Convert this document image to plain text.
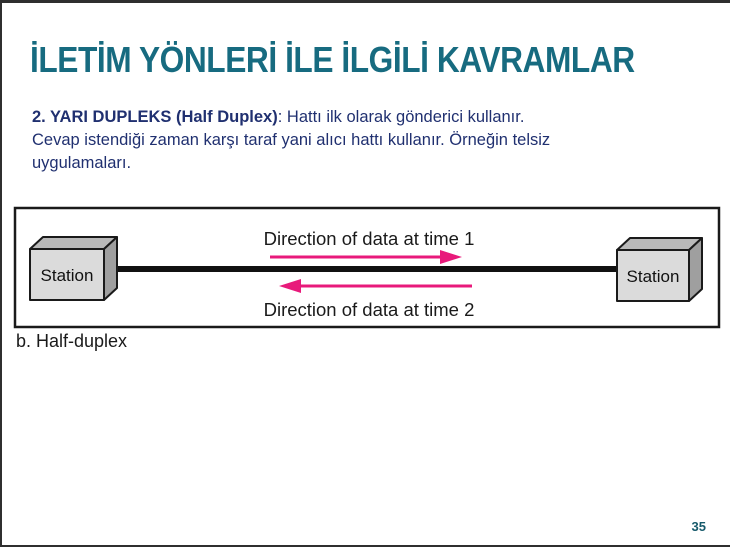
İLETİM YÖNLERİ İLE İLGİLİ KAVRAMLAR
2. YARI DUPLEKS (Half Duplex): Hattı ilk olarak gönderici kullanır.
Cevap istendiği zaman karşı taraf yani alıcı hattı kullanır. Örneğin telsiz
uygulamaları.
Station	Station
Direction of data at time 1
Direction of data at time 2
b. Half-duplex
35
